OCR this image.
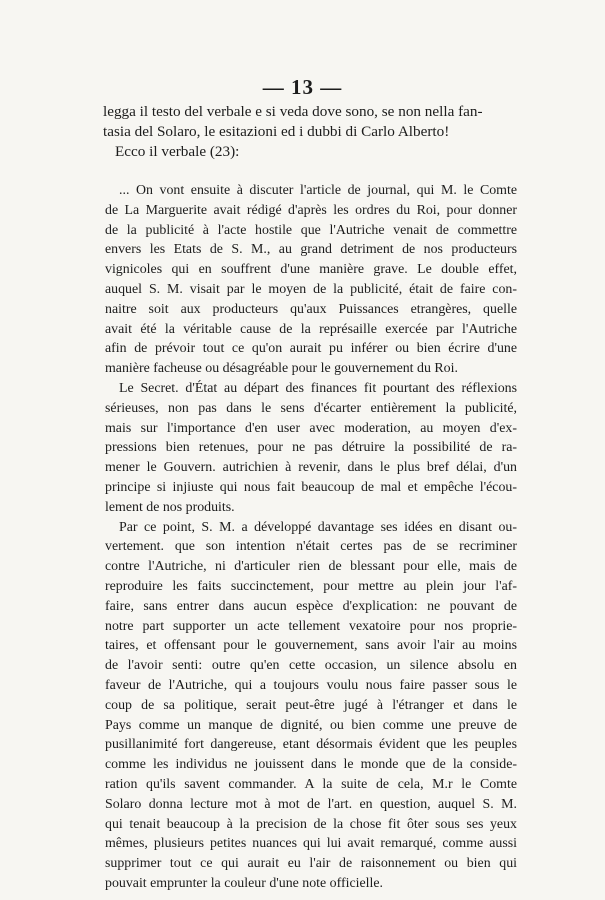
— 13 —
legga il testo del verbale e si veda dove sono, se non nella fan-
tasia del Solaro, le esitazioni ed i dubbi di Carlo Alberto!
Ecco il verbale (23):
... On vont ensuite à discuter l'article de journal, qui M. le Comte
de La Marguerite avait rédigé d'après les ordres du Roi, pour donner
de la publicité à l'acte hostile que l'Autriche venait de commettre
envers les Etats de S. M., au grand detriment de nos producteurs
vignicoles qui en souffrent d'une manière grave. Le double effet,
auquel S. M. visait par le moyen de la publicité, était de faire con-
naitre soit aux producteurs qu'aux Puissances etrangères, quelle
avait été la véritable cause de la représaille exercée par l'Autriche
afin de prévoir tout ce qu'on aurait pu inférer ou bien écrire d'une
manière facheuse ou désagréable pour le gouvernement du Roi.
Le Secret. d'État au départ des finances fit pourtant des réflexions
sérieuses, non pas dans le sens d'écarter entièrement la publicité,
mais sur l'importance d'en user avec moderation, au moyen d'ex-
pressions bien retenues, pour ne pas détruire la possibilité de ra-
mener le Gouvern. autrichien à revenir, dans le plus bref délai, d'un
principe si injiuste qui nous fait beaucoup de mal et empêche l'écou-
lement de nos produits.
Par ce point, S. M. a développé davantage ses idées en disant ou-
vertement. que son intention n'était certes pas de se recriminer
contre l'Autriche, ni d'articuler rien de blessant pour elle, mais de
reproduire les faits succinctement, pour mettre au plein jour l'af-
faire, sans entrer dans aucun espèce d'explication: ne pouvant de
notre part supporter un acte tellement vexatoire pour nos proprie-
taires, et offensant pour le gouvernement, sans avoir l'air au moins
de l'avoir senti: outre qu'en cette occasion, un silence absolu en
faveur de l'Autriche, qui a toujours voulu nous faire passer sous le
coup de sa politique, serait peut-être jugé à l'étranger et dans le
Pays comme un manque de dignité, ou bien comme une preuve de
pusillanimité fort dangereuse, etant désormais évident que les peuples
comme les individus ne jouissent dans le monde que de la conside-
ration qu'ils savent commander. A la suite de cela, M.r le Comte
Solaro donna lecture mot à mot de l'art. en question, auquel S. M.
qui tenait beaucoup à la precision de la chose fit ôter sous ses yeux
mêmes, plusieurs petites nuances qui lui avait remarqué, comme aussi
supprimer tout ce qui aurait eu l'air de raisonnement ou bien qui
pouvait emprunter la couleur d'une note officielle.
